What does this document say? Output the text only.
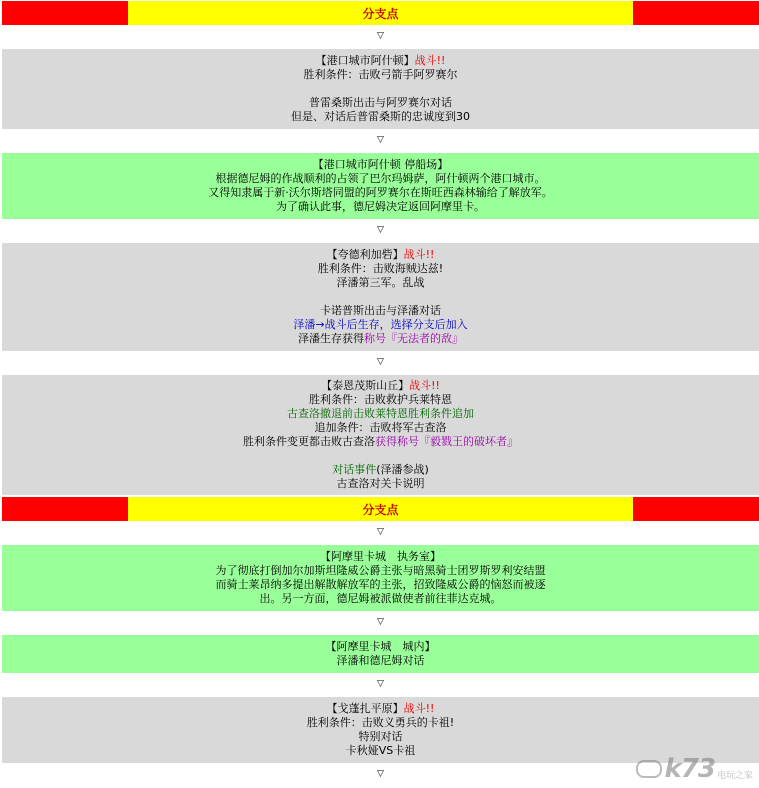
分支点
▽
【港口城市阿什顿】战斗!!
胜利条件：击败弓箭手阿罗赛尔
普雷桑斯出击与阿罗赛尔对话
但是、对话后普雷桑斯的忠诚度到30
▽
【港口城市阿什顿 停船场】
根据德尼姆的作战顺利的占领了巴尔玛姆萨，阿什顿两个港口城市。
又得知隶属于新·沃尔斯塔同盟的阿罗赛尔在斯旺西森林输给了解放军。
为了确认此事，德尼姆决定返回阿摩里卡。
▽
【夸德利加砦】战斗!!
胜利条件：击败海贼达兹!
泽潘第三军。乱战
卡诺普斯出击与泽潘对话
泽潘→战斗后生存，选择分支后加入
泽潘生存获得称号『无法者的敌』
▽
【泰恩茂斯山丘】战斗!!
胜利条件：击败救护兵莱特恩
古查洛撤退前击败莱特恩胜利条件追加
追加条件：击败将军古查洛
胜利条件变更都击败古查洛获得称号『毅戮王的破坏者』
对话事件(泽潘参战)
古查洛对关卡说明
分支点
▽
【阿摩里卡城　执务室】
为了彻底打倒加尔加斯坦隆威公爵主张与暗黑骑士团罗斯罗利安结盟
而骑士莱昂纳多提出解散解放军的主张，招致隆威公爵的恼怒而被逐
出。另一方面，德尼姆被派做使者前往菲达克城。
▽
【阿摩里卡城　城内】
泽潘和德尼姆对话
▽
【戈蓬扎平原】战斗!!
胜利条件：击败义勇兵的卡祖!
特别对话
卡秋娅VS卡祖
▽	k73 电玩之家
